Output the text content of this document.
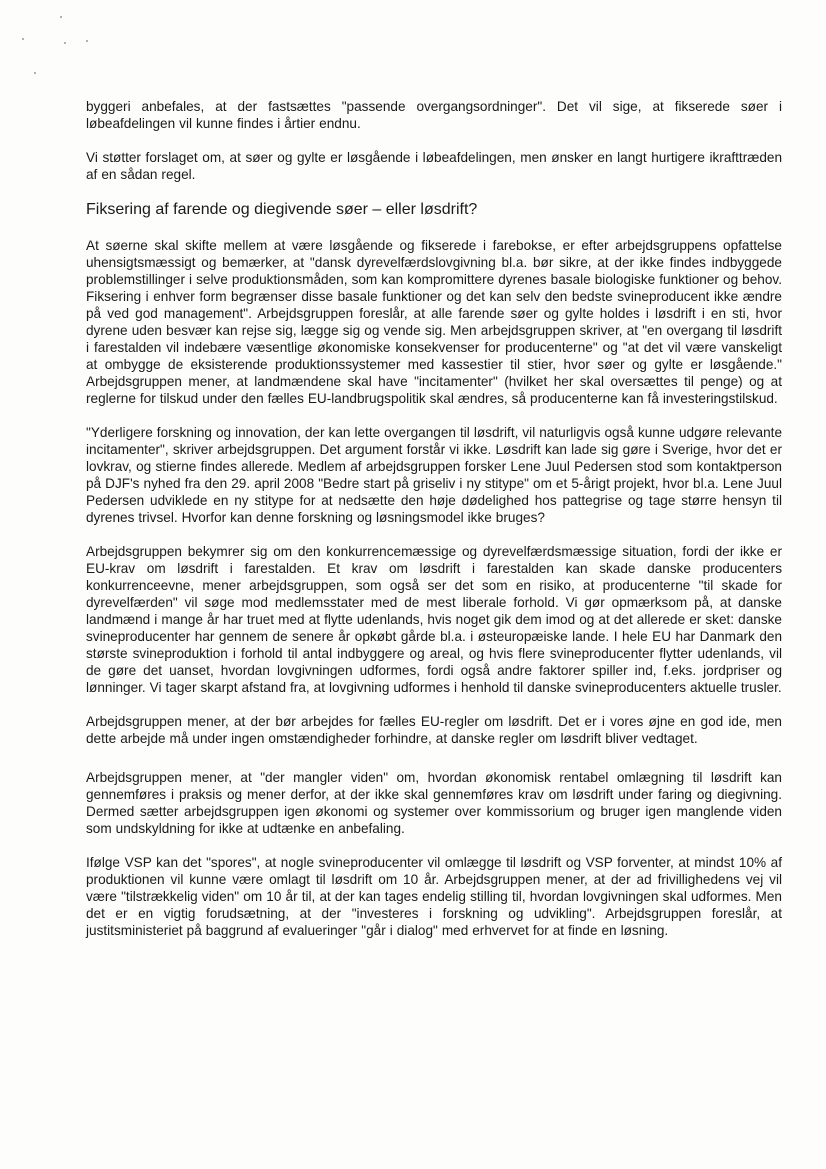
byggeri anbefales, at der fastsættes "passende overgangsordninger". Det vil sige, at fikserede søer i løbeafdelingen vil kunne findes i årtier endnu.

Vi støtter forslaget om, at søer og gylte er løsgående i løbeafdelingen, men ønsker en langt hurtigere ikrafttræden af en sådan regel.

Fiksering af farende og diegivende søer – eller løsdrift?

At søerne skal skifte mellem at være løsgående og fikserede i farebokse, er efter arbejdsgruppens opfattelse uhensigtsmæssigt og bemærker, at "dansk dyrevelfærdslovgivning bl.a. bør sikre, at der ikke findes indbyggede problemstillinger i selve produktionsmåden, som kan kompromittere dyrenes basale biologiske funktioner og behov. Fiksering i enhver form begrænser disse basale funktioner og det kan selv den bedste svineproducent ikke ændre på ved god management". Arbejdsgruppen foreslår, at alle farende søer og gylte holdes i løsdrift i en sti, hvor dyrene uden besvær kan rejse sig, lægge sig og vende sig. Men arbejdsgruppen skriver, at "en overgang til løsdrift i farestalden vil indebære væsentlige økonomiske konsekvenser for producenterne" og "at det vil være vanskeligt at ombygge de eksisterende produktionssystemer med kassestier til stier, hvor søer og gylte er løsgående." Arbejdsgruppen mener, at landmændene skal have "incitamenter" (hvilket her skal oversættes til penge) og at reglerne for tilskud under den fælles EU-landbrugspolitik skal ændres, så producenterne kan få investeringstilskud.

"Yderligere forskning og innovation, der kan lette overgangen til løsdrift, vil naturligvis også kunne udgøre relevante incitamenter", skriver arbejdsgruppen. Det argument forstår vi ikke. Løsdrift kan lade sig gøre i Sverige, hvor det er lovkrav, og stierne findes allerede. Medlem af arbejdsgruppen forsker Lene Juul Pedersen stod som kontaktperson på DJF's nyhed fra den 29. april 2008 "Bedre start på griseliv i ny stitype" om et 5-årigt projekt, hvor bl.a. Lene Juul Pedersen udviklede en ny stitype for at nedsætte den høje dødelighed hos pattegrise og tage større hensyn til dyrenes trivsel. Hvorfor kan denne forskning og løsningsmodel ikke bruges?

Arbejdsgruppen bekymrer sig om den konkurrencemæssige og dyrevelfærdsmæssige situation, fordi der ikke er EU-krav om løsdrift i farestalden. Et krav om løsdrift i farestalden kan skade danske producenters konkurrenceevne, mener arbejdsgruppen, som også ser det som en risiko, at producenterne "til skade for dyrevelfærden" vil søge mod medlemsstater med de mest liberale forhold. Vi gør opmærksom på, at danske landmænd i mange år har truet med at flytte udenlands, hvis noget gik dem imod og at det allerede er sket: danske svineproducenter har gennem de senere år opkøbt gårde bl.a. i østeuropæiske lande. I hele EU har Danmark den største svineproduktion i forhold til antal indbyggere og areal, og hvis flere svineproducenter flytter udenlands, vil de gøre det uanset, hvordan lovgivningen udformes, fordi også andre faktorer spiller ind, f.eks. jordpriser og lønninger. Vi tager skarpt afstand fra, at lovgivning udformes i henhold til danske svineproducenters aktuelle trusler.

Arbejdsgruppen mener, at der bør arbejdes for fælles EU-regler om løsdrift. Det er i vores øjne en god ide, men dette arbejde må under ingen omstændigheder forhindre, at danske regler om løsdrift bliver vedtaget.

Arbejdsgruppen mener, at "der mangler viden" om, hvordan økonomisk rentabel omlægning til løsdrift kan gennemføres i praksis og mener derfor, at der ikke skal gennemføres krav om løsdrift under faring og diegivning. Dermed sætter arbejdsgruppen igen økonomi og systemer over kommissorium og bruger igen manglende viden som undskyldning for ikke at udtænke en anbefaling.

Ifølge VSP kan det "spores", at nogle svineproducenter vil omlægge til løsdrift og VSP forventer, at mindst 10% af produktionen vil kunne være omlagt til løsdrift om 10 år. Arbejdsgruppen mener, at der ad frivillighedens vej vil være "tilstrækkelig viden" om 10 år til, at der kan tages endelig stilling til, hvordan lovgivningen skal udformes. Men det er en vigtig forudsætning, at der "investeres i forskning og udvikling". Arbejdsgruppen foreslår, at justitsministeriet på baggrund af evalueringer "går i dialog" med erhvervet for at finde en løsning.
